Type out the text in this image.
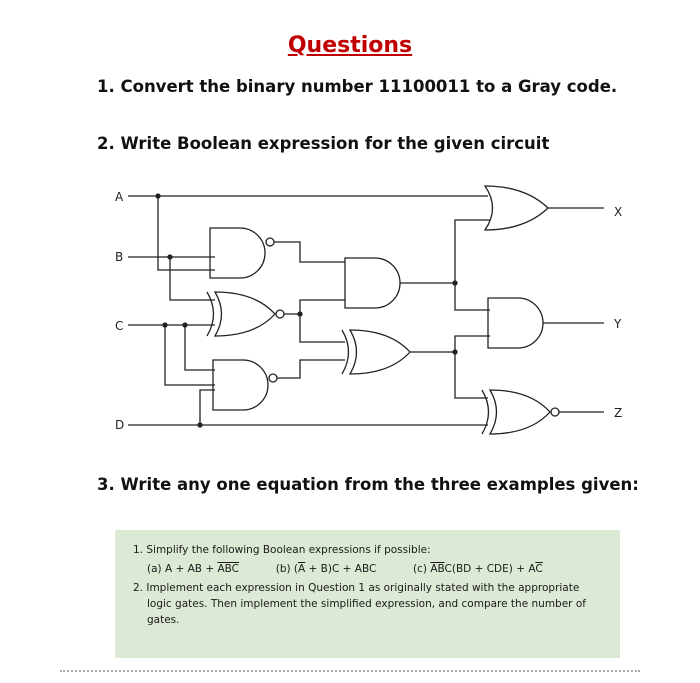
Questions
1. Convert the binary number 11100011 to a Gray code.
2. Write Boolean expression for the given circuit
A
B
C
D
X
Y
Z
3. Write any one equation from the three examples given:
1. Simplify the following Boolean expressions if possible:
(a) A + AB + $\overline{ABC}$	(b) $(\overline{A} + B)C$ + ABC	(c) $\overline{AB}C(BD + CDE) + A\overline{C}$
2. Implement each expression in Question 1 as originally stated with the appropriate
logic gates. Then implement the simplified expression, and compare the number of
gates.
